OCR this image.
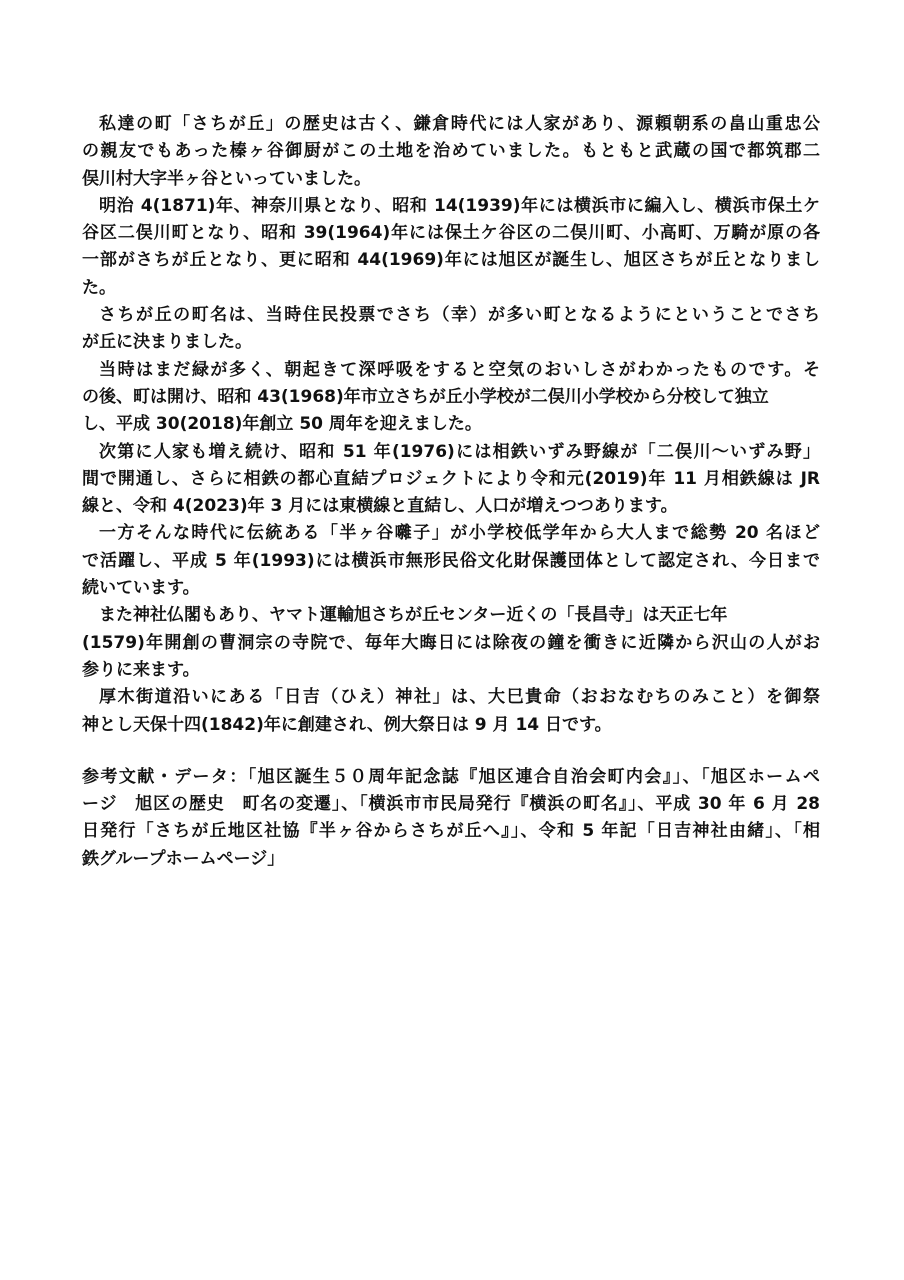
私達の町「さちが丘」の歴史は古く、鎌倉時代には人家があり、源頼朝系の畠山重忠公
の親友でもあった榛ヶ谷御厨がこの土地を治めていました。もともと武蔵の国で都筑郡二
俣川村大字半ヶ谷といっていました。
明治 4(1871)年、神奈川県となり、昭和 14(1939)年には横浜市に編入し、横浜市保土ケ
谷区二俣川町となり、昭和 39(1964)年には保土ケ谷区の二俣川町、小高町、万騎が原の各
一部がさちが丘となり、更に昭和 44(1969)年には旭区が誕生し、旭区さちが丘となりまし
た。
さちが丘の町名は、当時住民投票でさち（幸）が多い町となるようにということでさち
が丘に決まりました。
当時はまだ緑が多く、朝起きて深呼吸をすると空気のおいしさがわかったものです。そ
の後、町は開け、昭和 43(1968)年市立さちが丘小学校が二俣川小学校から分校して独立
し、平成 30(2018)年創立 50 周年を迎えました。
次第に人家も増え続け、昭和 51 年(1976)には相鉄いずみ野線が「二俣川～いずみ野」
間で開通し、さらに相鉄の都心直結プロジェクトにより令和元(2019)年 11 月相鉄線は JR
線と、令和 4(2023)年 3 月には東横線と直結し、人口が増えつつあります。
一方そんな時代に伝統ある「半ヶ谷囃子」が小学校低学年から大人まで総勢 20 名ほど
で活躍し、平成 5 年(1993)には横浜市無形民俗文化財保護団体として認定され、今日まで
続いています。
また神社仏閣もあり、ヤマト運輸旭さちが丘センター近くの「長昌寺」は天正七年
(1579)年開創の曹洞宗の寺院で、毎年大晦日には除夜の鐘を衝きに近隣から沢山の人がお
参りに来ます。
厚木街道沿いにある「日吉（ひえ）神社」は、大巳貴命（おおなむちのみこと）を御祭
神とし天保十四(1842)年に創建され、例大祭日は 9 月 14 日です。
参考文献・データ：「旭区誕生５０周年記念誌『旭区連合自治会町内会』」、「旭区ホームペ
ージ　旭区の歴史　町名の変遷」、「横浜市市民局発行『横浜の町名』」、平成 30 年 6 月 28
日発行「さちが丘地区社協『半ヶ谷からさちが丘へ』」、令和 5 年記「日吉神社由緒」、「相
鉄グループホームページ」
